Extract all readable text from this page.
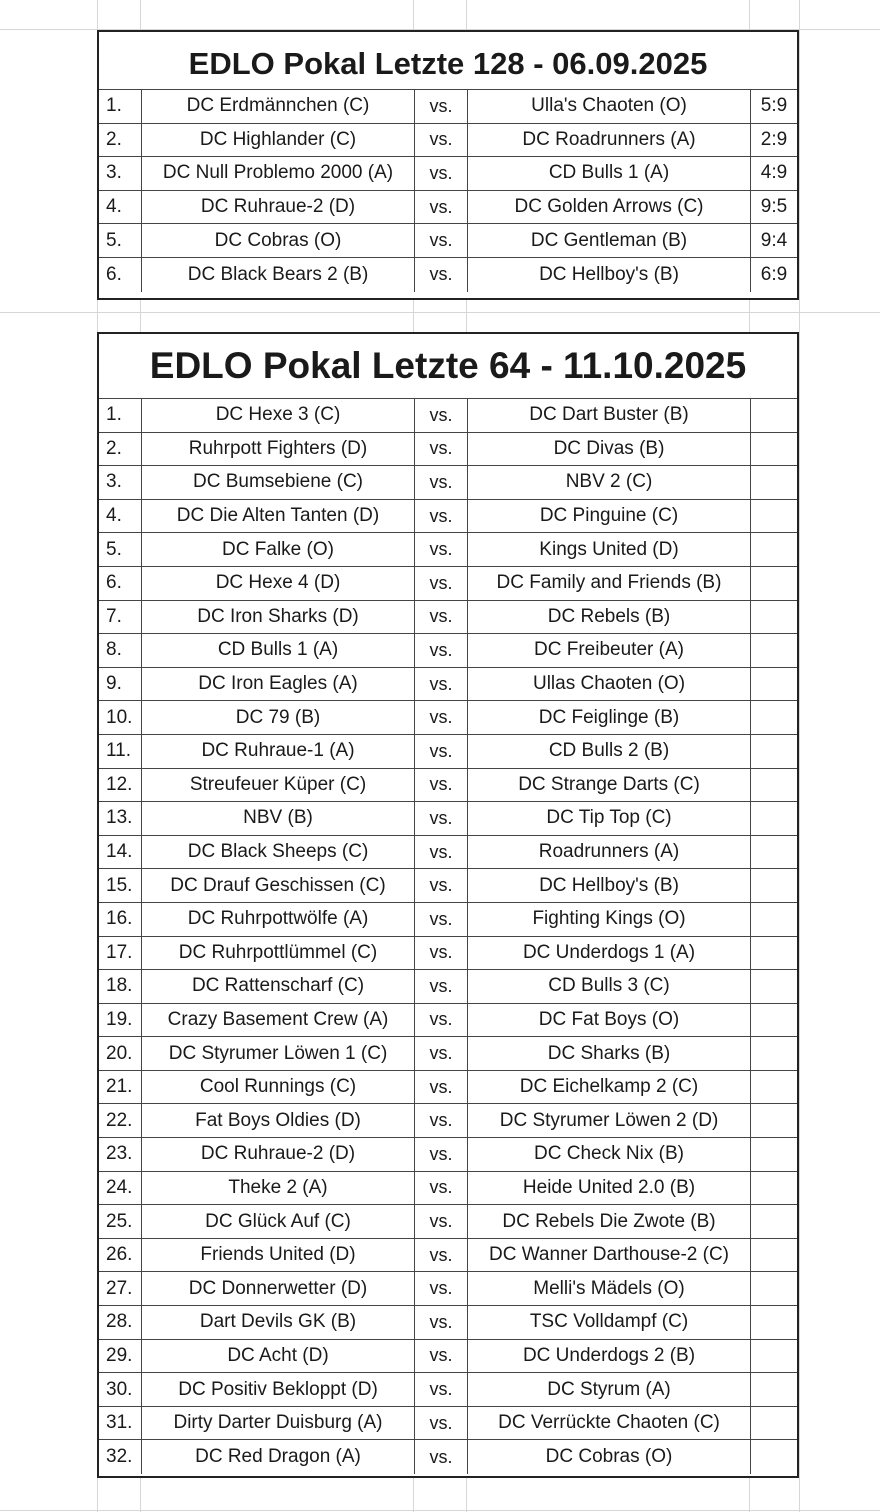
EDLO Pokal Letzte 128 - 06.09.2025
1.	DC Erdmännchen (C)	vs.	Ulla's Chaoten (O)	5:9
2.	DC Highlander (C)	vs.	DC Roadrunners (A)	2:9
3.	DC Null Problemo 2000 (A)	vs.	CD Bulls 1 (A)	4:9
4.	DC Ruhraue-2 (D)	vs.	DC Golden Arrows (C)	9:5
5.	DC Cobras (O)	vs.	DC Gentleman (B)	9:4
6.	DC Black Bears 2 (B)	vs.	DC Hellboy's (B)	6:9
EDLO Pokal Letzte 64 - 11.10.2025
1.	DC Hexe 3 (C)	vs.	DC Dart Buster (B)
2.	Ruhrpott Fighters (D)	vs.	DC Divas (B)
3.	DC Bumsebiene (C)	vs.	NBV 2 (C)
4.	DC Die Alten Tanten (D)	vs.	DC Pinguine (C)
5.	DC Falke (O)	vs.	Kings United (D)
6.	DC Hexe 4 (D)	vs.	DC Family and Friends (B)
7.	DC Iron Sharks (D)	vs.	DC Rebels (B)
8.	CD Bulls 1 (A)	vs.	DC Freibeuter (A)
9.	DC Iron Eagles (A)	vs.	Ullas Chaoten (O)
10.	DC 79 (B)	vs.	DC Feiglinge (B)
11.	DC Ruhraue-1 (A)	vs.	CD Bulls 2 (B)
12.	Streufeuer Küper (C)	vs.	DC Strange Darts (C)
13.	NBV (B)	vs.	DC Tip Top (C)
14.	DC Black Sheeps (C)	vs.	Roadrunners (A)
15.	DC Drauf Geschissen (C)	vs.	DC Hellboy's (B)
16.	DC Ruhrpottwölfe (A)	vs.	Fighting Kings (O)
17.	DC Ruhrpottlümmel (C)	vs.	DC Underdogs 1 (A)
18.	DC Rattenscharf (C)	vs.	CD Bulls 3 (C)
19.	Crazy Basement Crew (A)	vs.	DC Fat Boys (O)
20.	DC Styrumer Löwen 1 (C)	vs.	DC Sharks (B)
21.	Cool Runnings (C)	vs.	DC Eichelkamp 2 (C)
22.	Fat Boys Oldies (D)	vs.	DC Styrumer Löwen 2 (D)
23.	DC Ruhraue-2 (D)	vs.	DC Check Nix (B)
24.	Theke 2 (A)	vs.	Heide United 2.0 (B)
25.	DC Glück Auf (C)	vs.	DC Rebels Die Zwote (B)
26.	Friends United (D)	vs.	DC Wanner Darthouse-2 (C)
27.	DC Donnerwetter (D)	vs.	Melli's Mädels (O)
28.	Dart Devils GK (B)	vs.	TSC Volldampf (C)
29.	DC Acht (D)	vs.	DC Underdogs 2 (B)
30.	DC Positiv Bekloppt (D)	vs.	DC Styrum (A)
31.	Dirty Darter Duisburg (A)	vs.	DC Verrückte Chaoten (C)
32.	DC Red Dragon (A)	vs.	DC Cobras (O)
